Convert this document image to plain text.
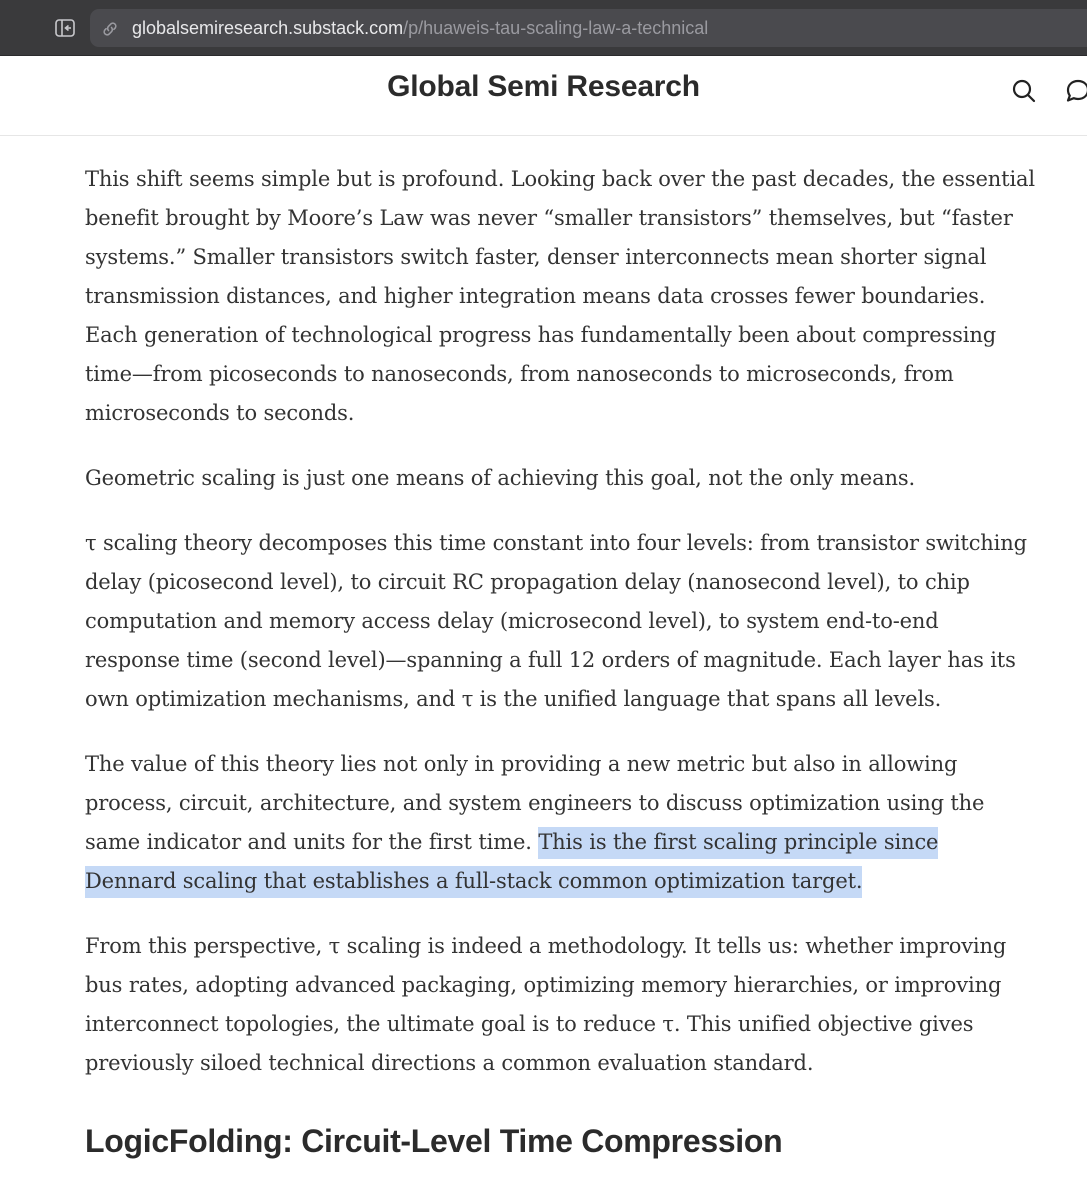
globalsemiresearch.substack.com/p/huaweis-tau-scaling-law-a-technical
Global Semi Research

This shift seems simple but is profound. Looking back over the past decades, the essential benefit brought by Moore’s Law was never “smaller transistors” themselves, but “faster systems.” Smaller transistors switch faster, denser interconnects mean shorter signal transmission distances, and higher integration means data crosses fewer boundaries. Each generation of technological progress has fundamentally been about compressing time—from picoseconds to nanoseconds, from nanoseconds to microseconds, from microseconds to seconds.

Geometric scaling is just one means of achieving this goal, not the only means.

τ scaling theory decomposes this time constant into four levels: from transistor switching delay (picosecond level), to circuit RC propagation delay (nanosecond level), to chip computation and memory access delay (microsecond level), to system end-to-end response time (second level)—spanning a full 12 orders of magnitude. Each layer has its own optimization mechanisms, and τ is the unified language that spans all levels.

The value of this theory lies not only in providing a new metric but also in allowing process, circuit, architecture, and system engineers to discuss optimization using the same indicator and units for the first time. This is the first scaling principle since Dennard scaling that establishes a full-stack common optimization target.

From this perspective, τ scaling is indeed a methodology. It tells us: whether improving bus rates, adopting advanced packaging, optimizing memory hierarchies, or improving interconnect topologies, the ultimate goal is to reduce τ. This unified objective gives previously siloed technical directions a common evaluation standard.

LogicFolding: Circuit-Level Time Compression
